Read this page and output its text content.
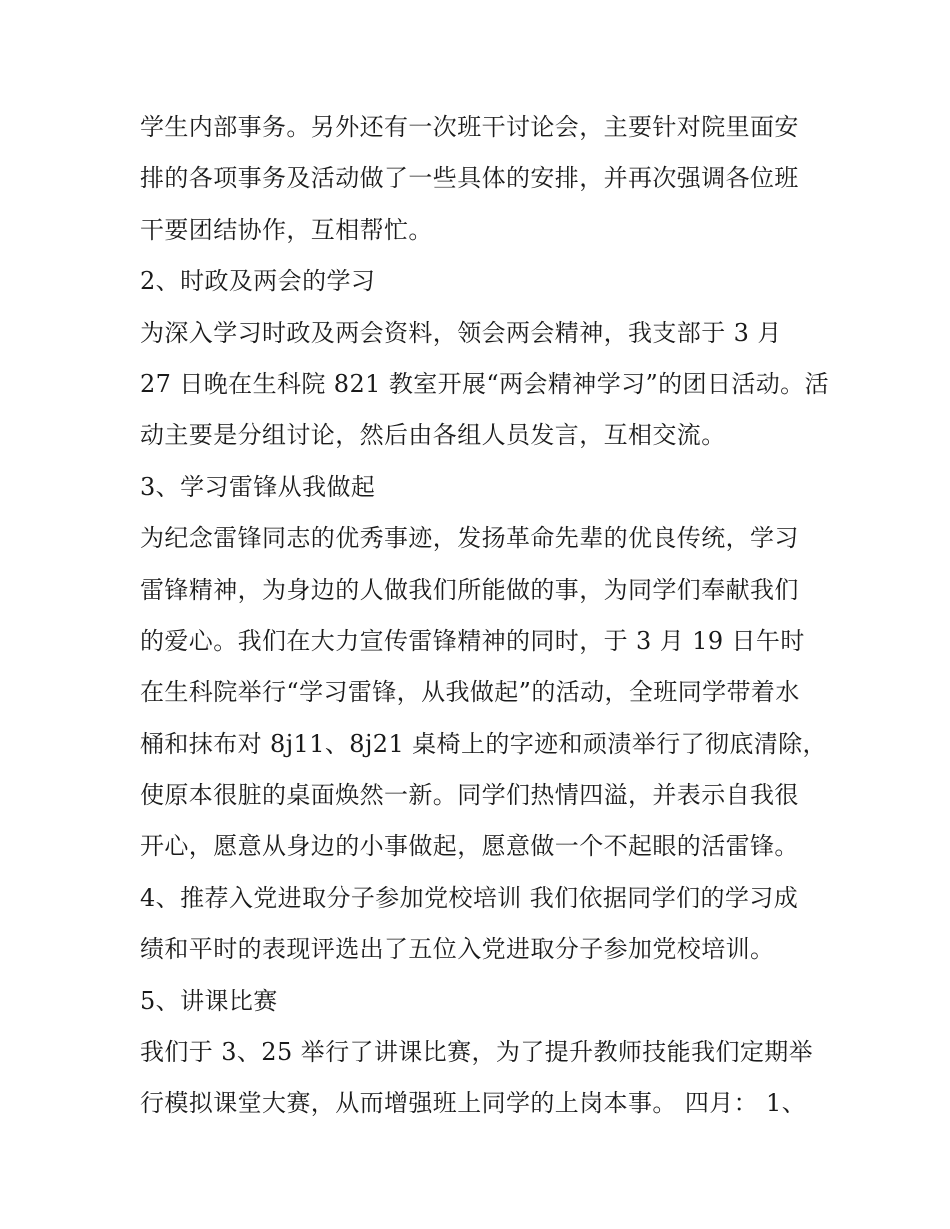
学生内部事务。另外还有一次班干讨论会，主要针对院里面安
排的各项事务及活动做了一些具体的安排，并再次强调各位班
干要团结协作，互相帮忙。
2、时政及两会的学习
为深入学习时政及两会资料，领会两会精神，我支部于 3 月
27 日晚在生科院 821 教室开展“两会精神学习”的团日活动。活
动主要是分组讨论，然后由各组人员发言，互相交流。
3、学习雷锋从我做起
为纪念雷锋同志的优秀事迹，发扬革命先辈的优良传统，学习
雷锋精神，为身边的人做我们所能做的事，为同学们奉献我们
的爱心。我们在大力宣传雷锋精神的同时，于 3 月 19 日午时
在生科院举行“学习雷锋，从我做起”的活动，全班同学带着水
桶和抹布对 8j11、8j21 桌椅上的字迹和顽渍举行了彻底清除，
使原本很脏的桌面焕然一新。同学们热情四溢，并表示自我很
开心，愿意从身边的小事做起，愿意做一个不起眼的活雷锋。
4、推荐入党进取分子参加党校培训 我们依据同学们的学习成
绩和平时的表现评选出了五位入党进取分子参加党校培训。
5、讲课比赛
我们于 3、25 举行了讲课比赛，为了提升教师技能我们定期举
行模拟课堂大赛，从而增强班上同学的上岗本事。 四月： 1、
